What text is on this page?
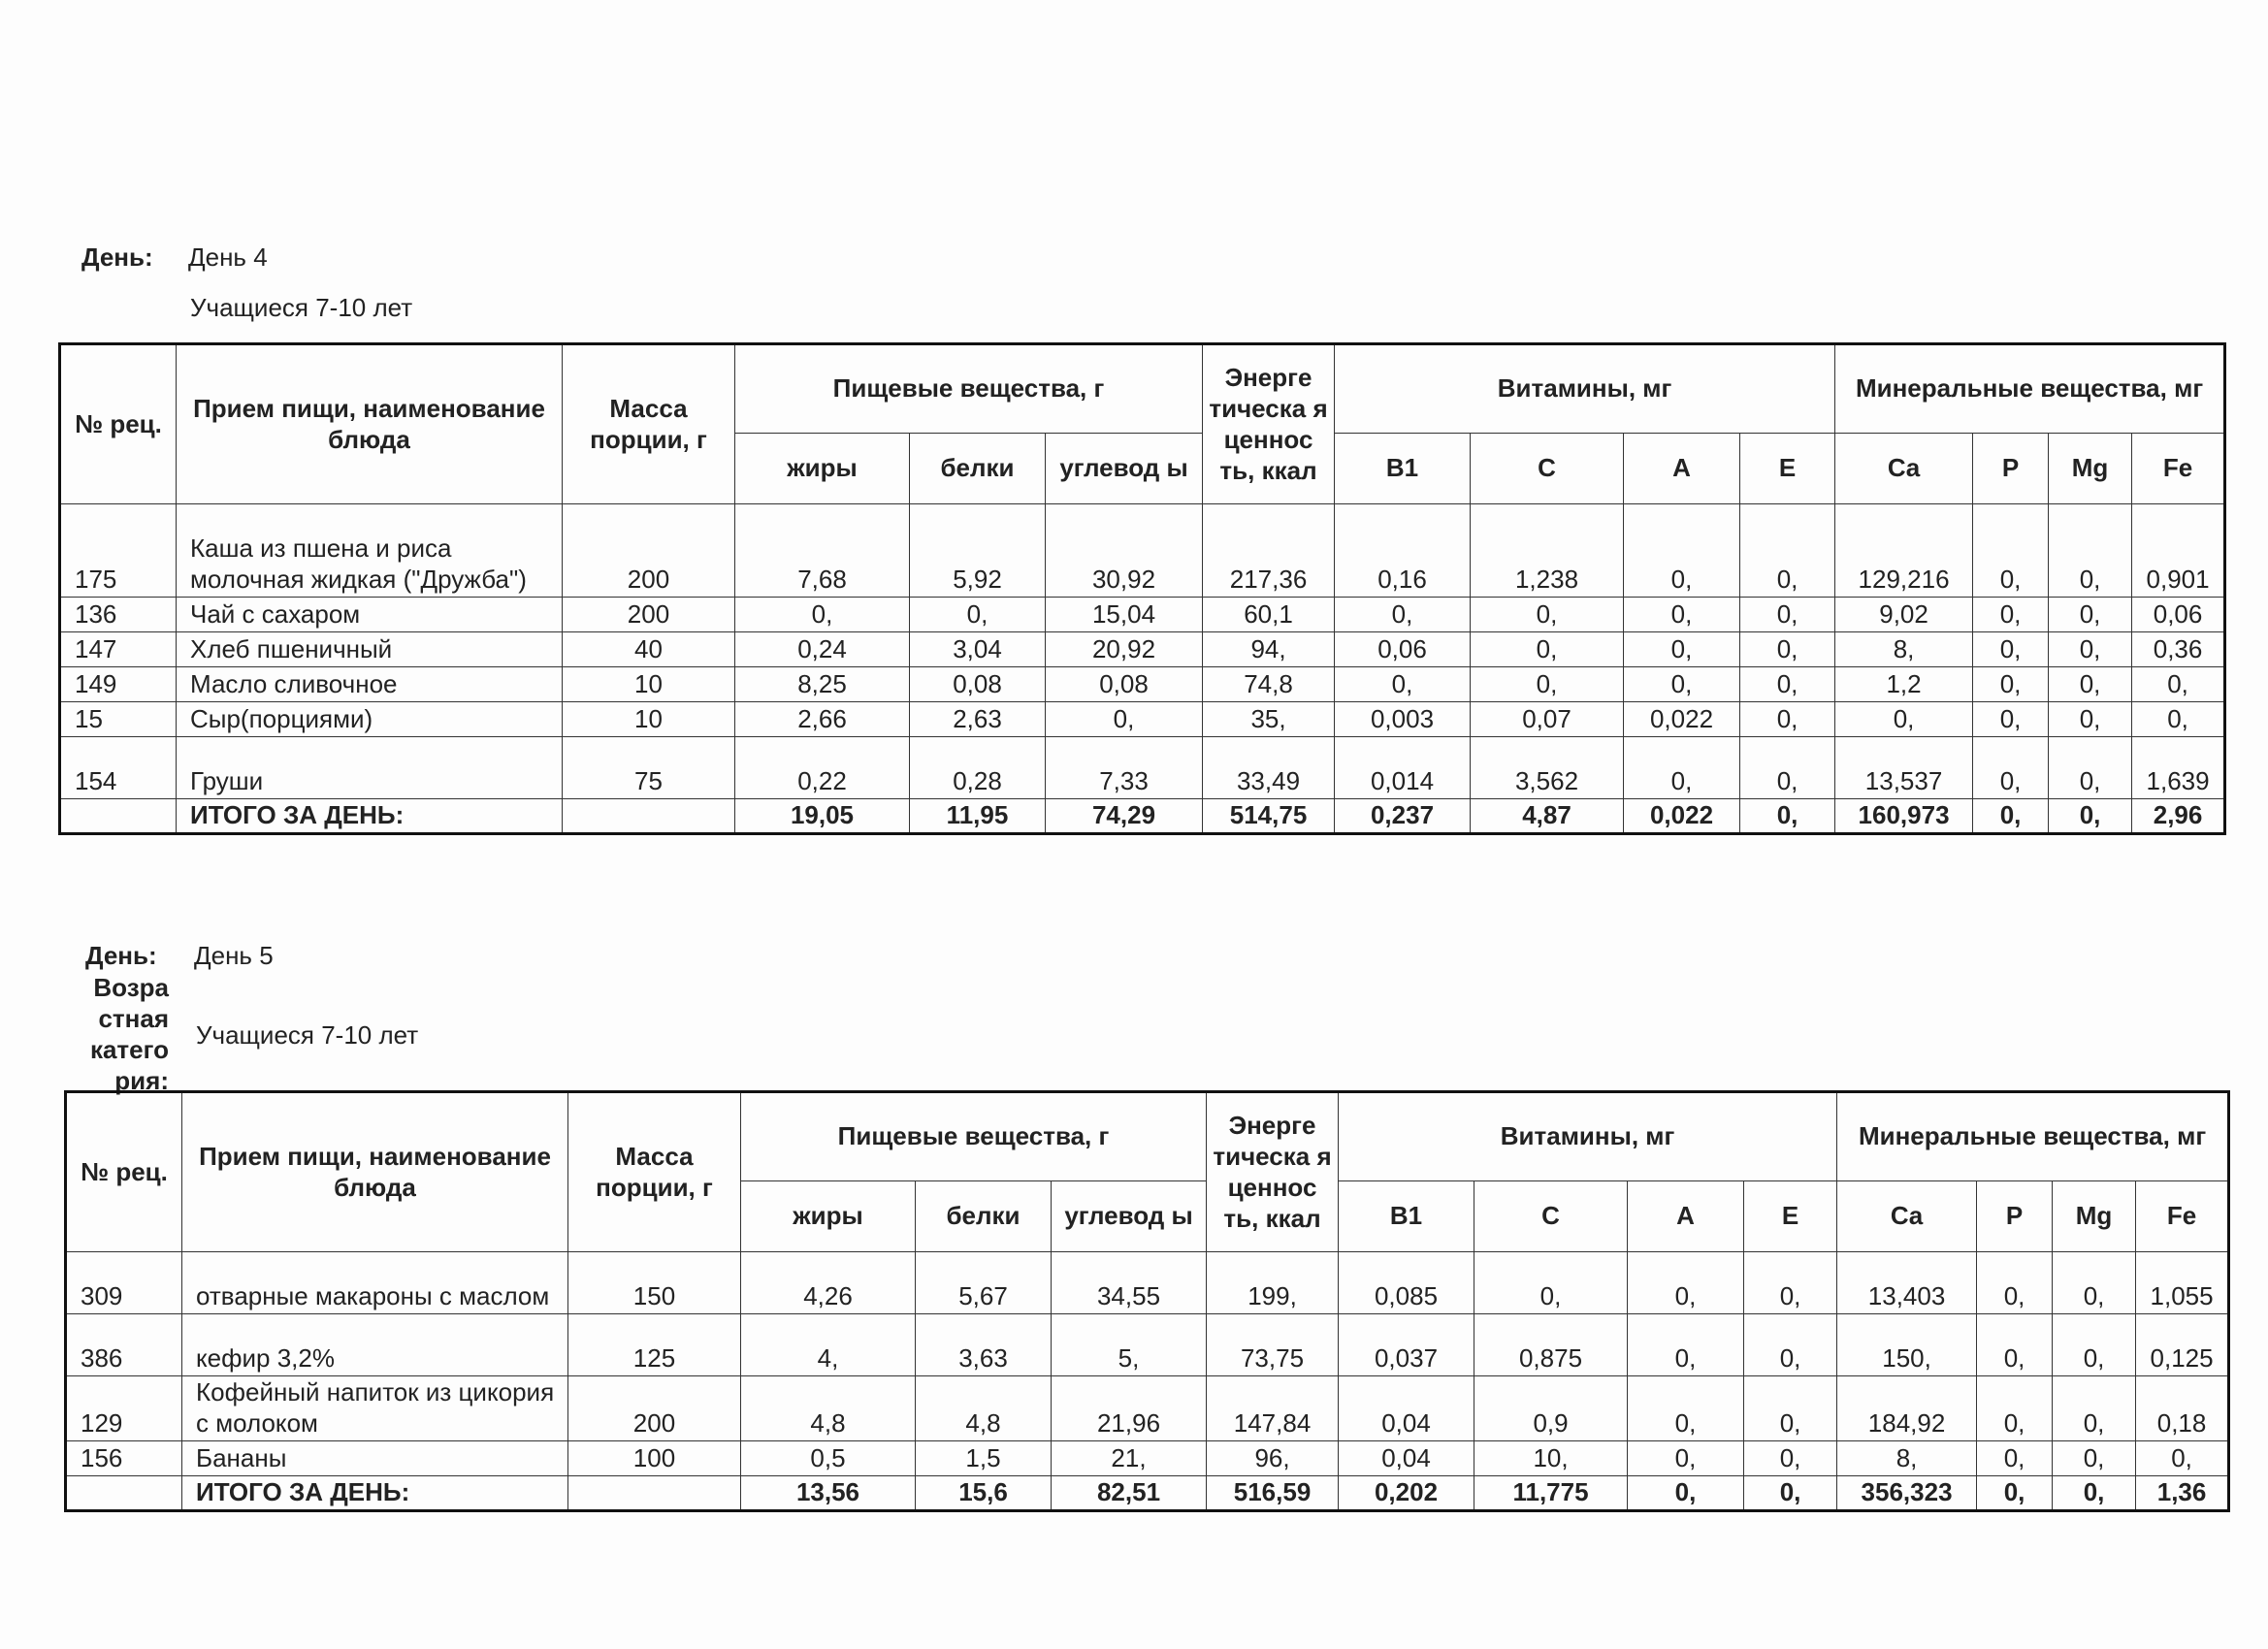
День: День 4
Учащиеся 7-10 лет
№ рец.	Прием пищи, наименование блюда	Масса порции, г	Пищевые вещества, г			Энерге тическа я ценнос ть, ккал	Витамины, мг				Минеральные вещества, мг			
			жиры	белки	углевод ы		В1	С	А	Е	Ca	P	Mg	Fe
175	Каша из пшена и риса молочная жидкая ("Дружба")	200	7,68	5,92	30,92	217,36	0,16	1,238	0,	0,	129,216	0,	0,	0,901
136	Чай с сахаром	200	0,	0,	15,04	60,1	0,	0,	0,	0,	9,02	0,	0,	0,06
147	Хлеб пшеничный	40	0,24	3,04	20,92	94,	0,06	0,	0,	0,	8,	0,	0,	0,36
149	Масло сливочное	10	8,25	0,08	0,08	74,8	0,	0,	0,	0,	1,2	0,	0,	0,
15	Сыр(порциями)	10	2,66	2,63	0,	35,	0,003	0,07	0,022	0,	0,	0,	0,	0,
154	Груши	75	0,22	0,28	7,33	33,49	0,014	3,562	0,	0,	13,537	0,	0,	1,639
	ИТОГО ЗА ДЕНЬ:		19,05	11,95	74,29	514,75	0,237	4,87	0,022	0,	160,973	0,	0,	2,96
День: День 5
Возра стная катего рия:
Учащиеся 7-10 лет
№ рец.	Прием пищи, наименование блюда	Масса порции, г	Пищевые вещества, г			Энерге тическа я ценнос ть, ккал	Витамины, мг				Минеральные вещества, мг			
			жиры	белки	углевод ы		В1	С	А	Е	Ca	P	Mg	Fe
309	отварные макароны с маслом	150	4,26	5,67	34,55	199,	0,085	0,	0,	0,	13,403	0,	0,	1,055
386	кефир 3,2%	125	4,	3,63	5,	73,75	0,037	0,875	0,	0,	150,	0,	0,	0,125
129	Кофейный напиток из цикория с молоком	200	4,8	4,8	21,96	147,84	0,04	0,9	0,	0,	184,92	0,	0,	0,18
156	Бананы	100	0,5	1,5	21,	96,	0,04	10,	0,	0,	8,	0,	0,	0,
	ИТОГО ЗА ДЕНЬ:		13,56	15,6	82,51	516,59	0,202	11,775	0,	0,	356,323	0,	0,	1,36
